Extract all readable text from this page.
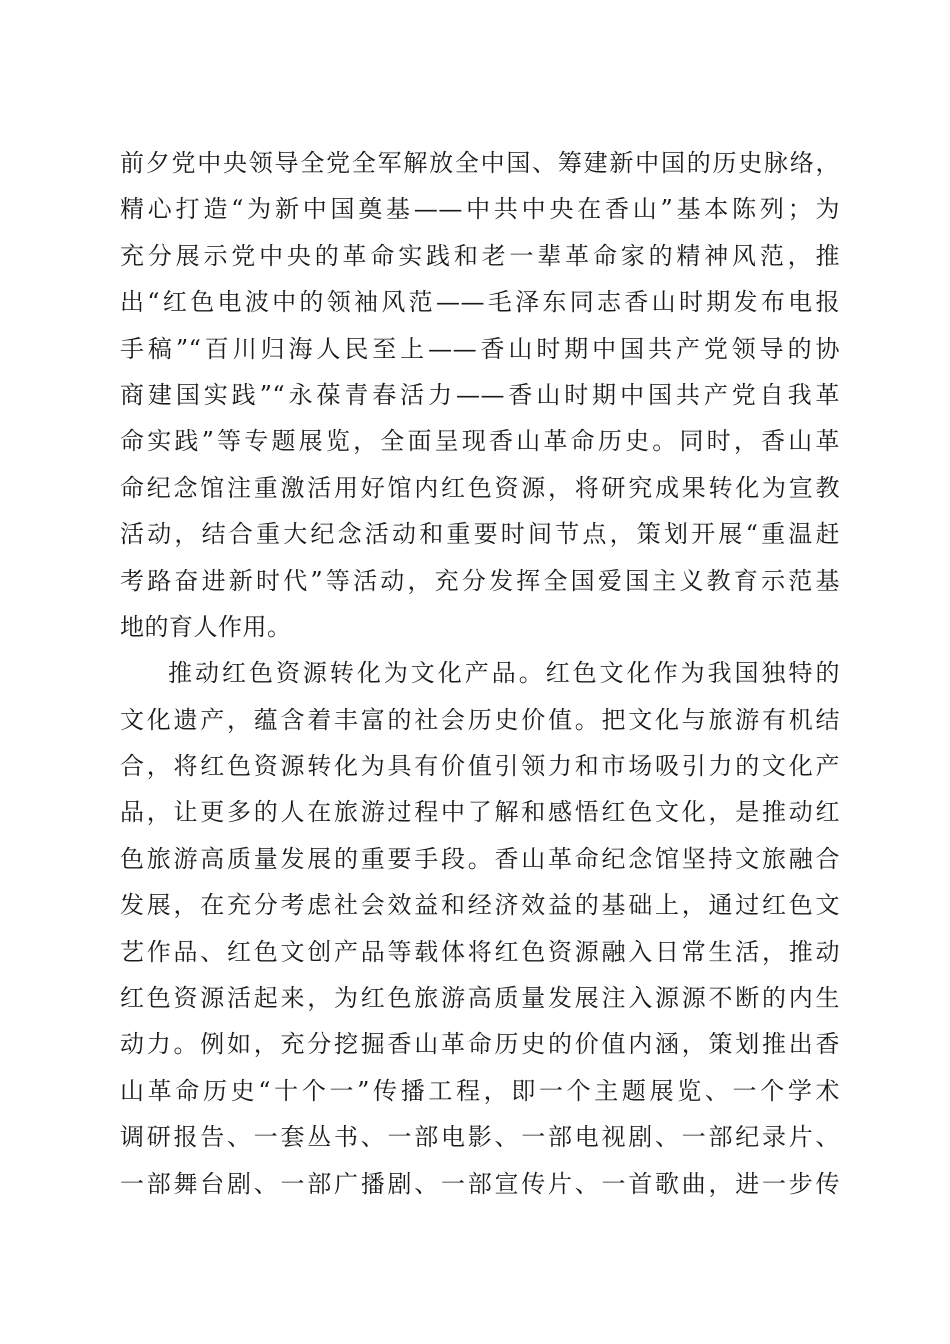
前夕党中央领导全党全军解放全中国、筹建新中国的历史脉络，
精心打造“为新中国奠基——中共中央在香山”基本陈列；为
充分展示党中央的革命实践和老一辈革命家的精神风范，推
出“红色电波中的领袖风范——毛泽东同志香山时期发布电报
手稿”“百川归海人民至上——香山时期中国共产党领导的协
商建国实践”“永葆青春活力——香山时期中国共产党自我革
命实践”等专题展览，全面呈现香山革命历史。同时，香山革
命纪念馆注重激活用好馆内红色资源，将研究成果转化为宣教
活动，结合重大纪念活动和重要时间节点，策划开展“重温赶
考路奋进新时代”等活动，充分发挥全国爱国主义教育示范基
地的育人作用。
推动红色资源转化为文化产品。红色文化作为我国独特的
文化遗产，蕴含着丰富的社会历史价值。把文化与旅游有机结
合，将红色资源转化为具有价值引领力和市场吸引力的文化产
品，让更多的人在旅游过程中了解和感悟红色文化，是推动红
色旅游高质量发展的重要手段。香山革命纪念馆坚持文旅融合
发展，在充分考虑社会效益和经济效益的基础上，通过红色文
艺作品、红色文创产品等载体将红色资源融入日常生活，推动
红色资源活起来，为红色旅游高质量发展注入源源不断的内生
动力。例如，充分挖掘香山革命历史的价值内涵，策划推出香
山革命历史“十个一”传播工程，即一个主题展览、一个学术
调研报告、一套丛书、一部电影、一部电视剧、一部纪录片、
一部舞台剧、一部广播剧、一部宣传片、一首歌曲，进一步传
